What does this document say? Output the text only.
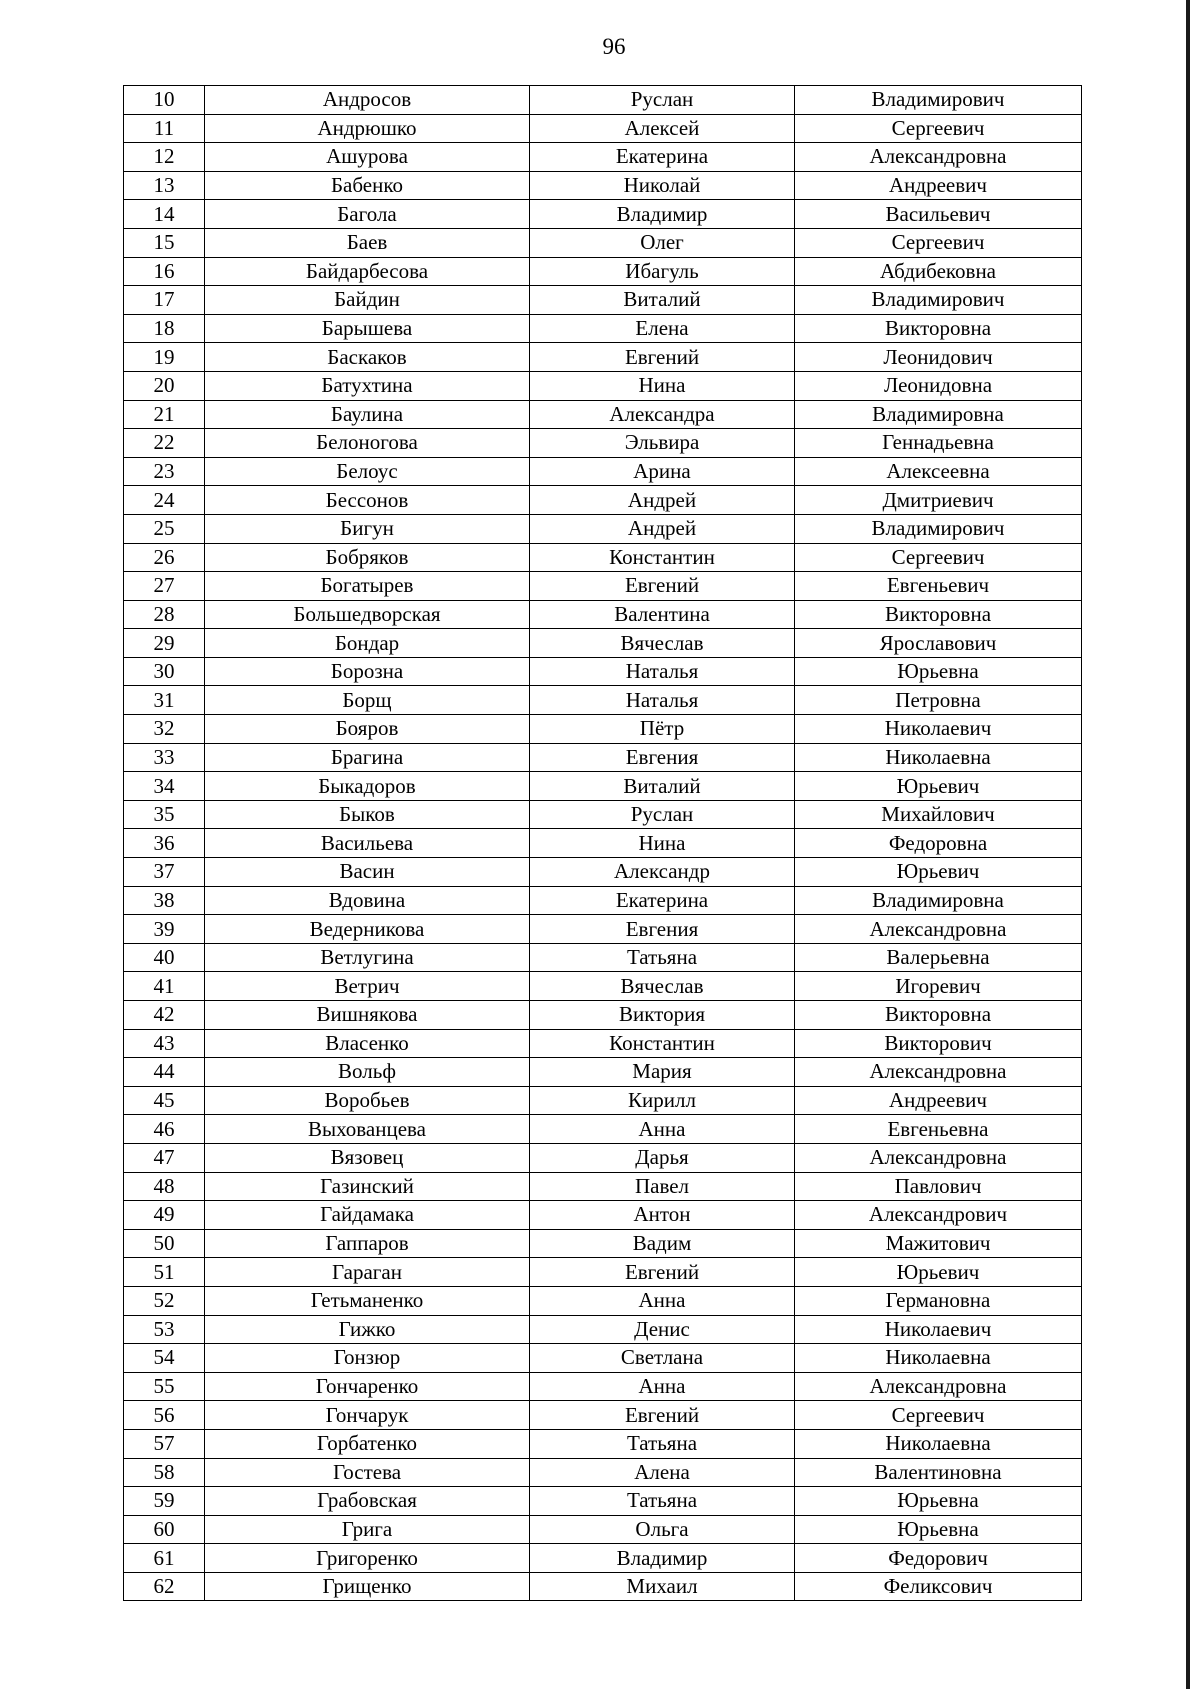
96
10	Андросов	Руслан	Владимирович
11	Андрюшко	Алексей	Сергеевич
12	Ашурова	Екатерина	Александровна
13	Бабенко	Николай	Андреевич
14	Багола	Владимир	Васильевич
15	Баев	Олег	Сергеевич
16	Байдарбесова	Ибагуль	Абдибековна
17	Байдин	Виталий	Владимирович
18	Барышева	Елена	Викторовна
19	Баскаков	Евгений	Леонидович
20	Батухтина	Нина	Леонидовна
21	Баулина	Александра	Владимировна
22	Белоногова	Эльвира	Геннадьевна
23	Белоус	Арина	Алексеевна
24	Бессонов	Андрей	Дмитриевич
25	Бигун	Андрей	Владимирович
26	Бобряков	Константин	Сергеевич
27	Богатырев	Евгений	Евгеньевич
28	Большедворская	Валентина	Викторовна
29	Бондар	Вячеслав	Ярославович
30	Борозна	Наталья	Юрьевна
31	Борщ	Наталья	Петровна
32	Бояров	Пётр	Николаевич
33	Брагина	Евгения	Николаевна
34	Быкадоров	Виталий	Юрьевич
35	Быков	Руслан	Михайлович
36	Васильева	Нина	Федоровна
37	Васин	Александр	Юрьевич
38	Вдовина	Екатерина	Владимировна
39	Ведерникова	Евгения	Александровна
40	Ветлугина	Татьяна	Валерьевна
41	Ветрич	Вячеслав	Игоревич
42	Вишнякова	Виктория	Викторовна
43	Власенко	Константин	Викторович
44	Вольф	Мария	Александровна
45	Воробьев	Кирилл	Андреевич
46	Выхованцева	Анна	Евгеньевна
47	Вязовец	Дарья	Александровна
48	Газинский	Павел	Павлович
49	Гайдамака	Антон	Александрович
50	Гаппаров	Вадим	Мажитович
51	Гараган	Евгений	Юрьевич
52	Гетьманенко	Анна	Германовна
53	Гижко	Денис	Николаевич
54	Гонзюр	Светлана	Николаевна
55	Гончаренко	Анна	Александровна
56	Гончарук	Евгений	Сергеевич
57	Горбатенко	Татьяна	Николаевна
58	Гостева	Алена	Валентиновна
59	Грабовская	Татьяна	Юрьевна
60	Грига	Ольга	Юрьевна
61	Григоренко	Владимир	Федорович
62	Грищенко	Михаил	Феликсович
